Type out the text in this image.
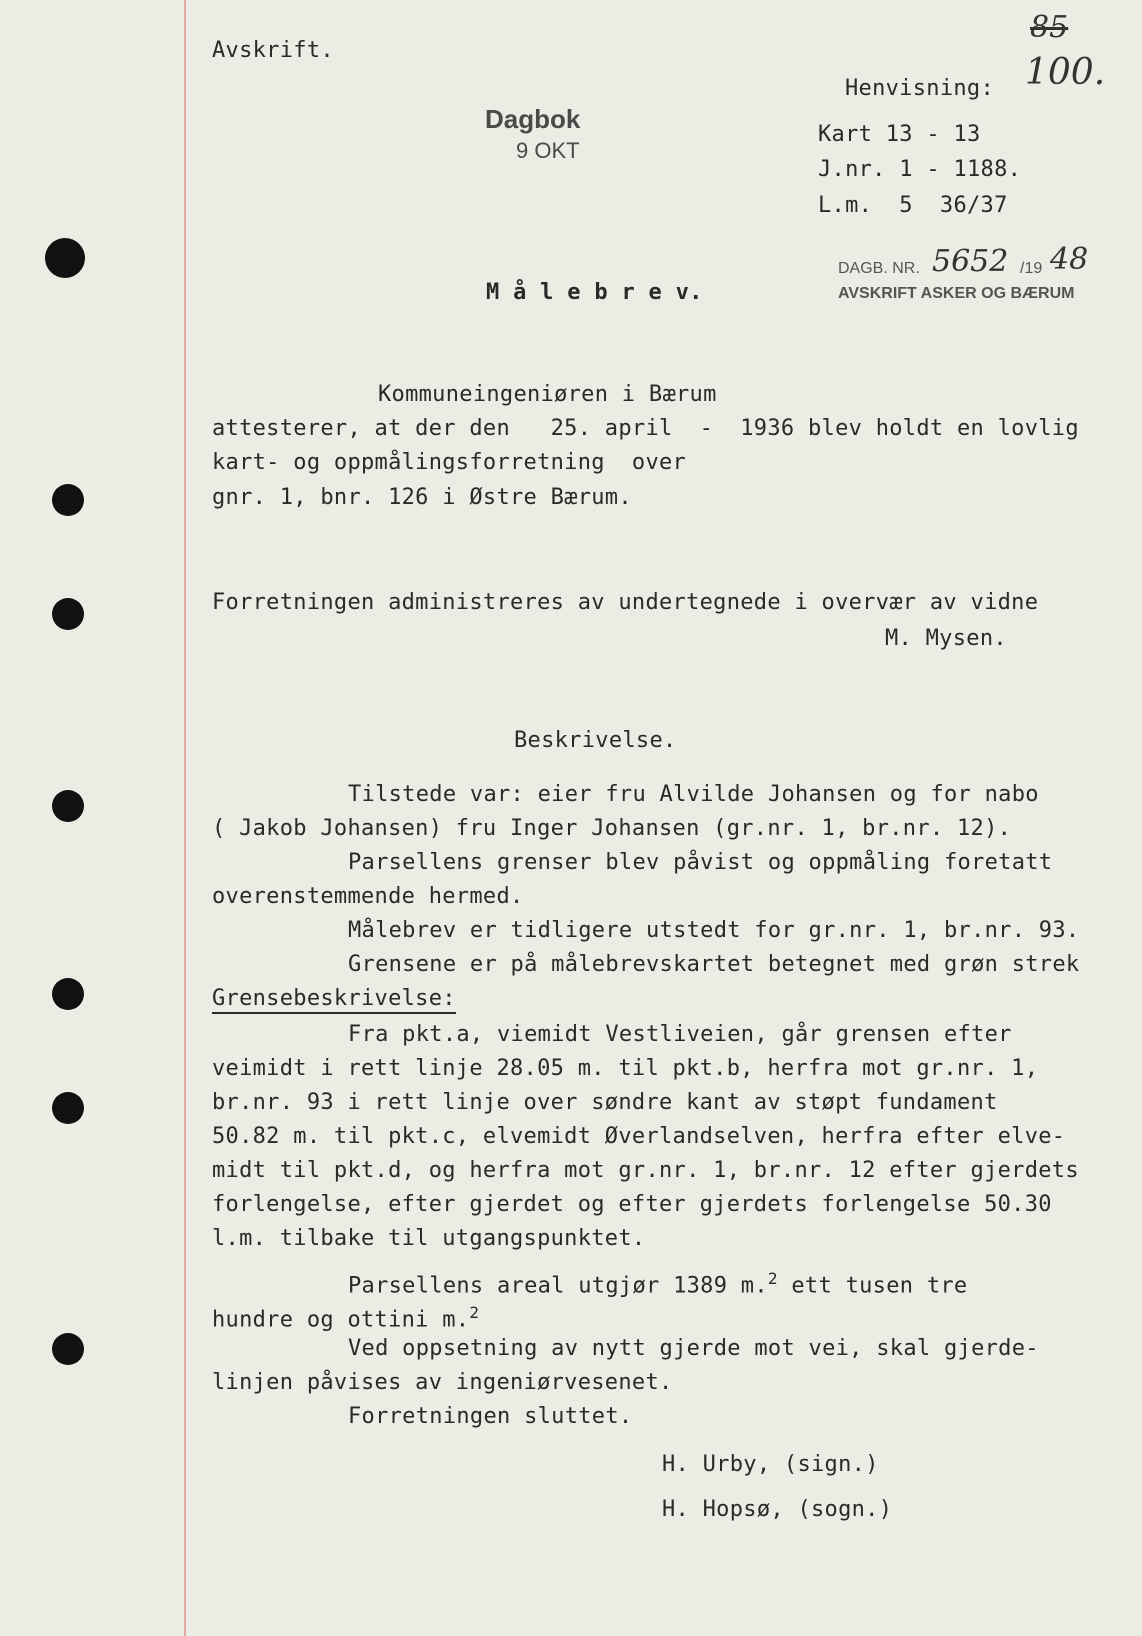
Avskrift.
85
100.
Henvisning:
Kart 13 - 13
J.nr. 1 - 1188.
L.m.  5  36/37
Dagbok
9 OKT
DAGB. NR. 5652 /19 48
AVSKRIFT ASKER OG BÆRUM
M å l e b r e v.
Kommuneingeniøren i Bærum
attesterer, at der den   25. april  -  1936 blev holdt en lovlig
kart- og oppmålingsforretning  over
gnr. 1, bnr. 126 i Østre Bærum.
Forretningen administreres av undertegnede i overvær av vidne
M. Mysen.
Beskrivelse.
Tilstede var: eier fru Alvilde Johansen og for nabo
( Jakob Johansen) fru Inger Johansen (gr.nr. 1, br.nr. 12).
Parsellens grenser blev påvist og oppmåling foretatt
overenstemmende hermed.
Målebrev er tidligere utstedt for gr.nr. 1, br.nr. 93.
Grensene er på målebrevskartet betegnet med grøn strek
Grensebeskrivelse:
Fra pkt.a, viemidt Vestliveien, går grensen efter
veimidt i rett linje 28.05 m. til pkt.b, herfra mot gr.nr. 1,
br.nr. 93 i rett linje over søndre kant av støpt fundament
50.82 m. til pkt.c, elvemidt Øverlandselven, herfra efter elve-
midt til pkt.d, og herfra mot gr.nr. 1, br.nr. 12 efter gjerdets
forlengelse, efter gjerdet og efter gjerdets forlengelse 50.30
l.m. tilbake til utgangspunktet.
Parsellens areal utgjør 1389 m.$^2$ ett tusen tre
hundre og ottini m.$^2$
Ved oppsetning av nytt gjerde mot vei, skal gjerde-
linjen påvises av ingeniørvesenet.
Forretningen sluttet.
H. Urby, (sign.)
H. Hopsø, (sogn.)
